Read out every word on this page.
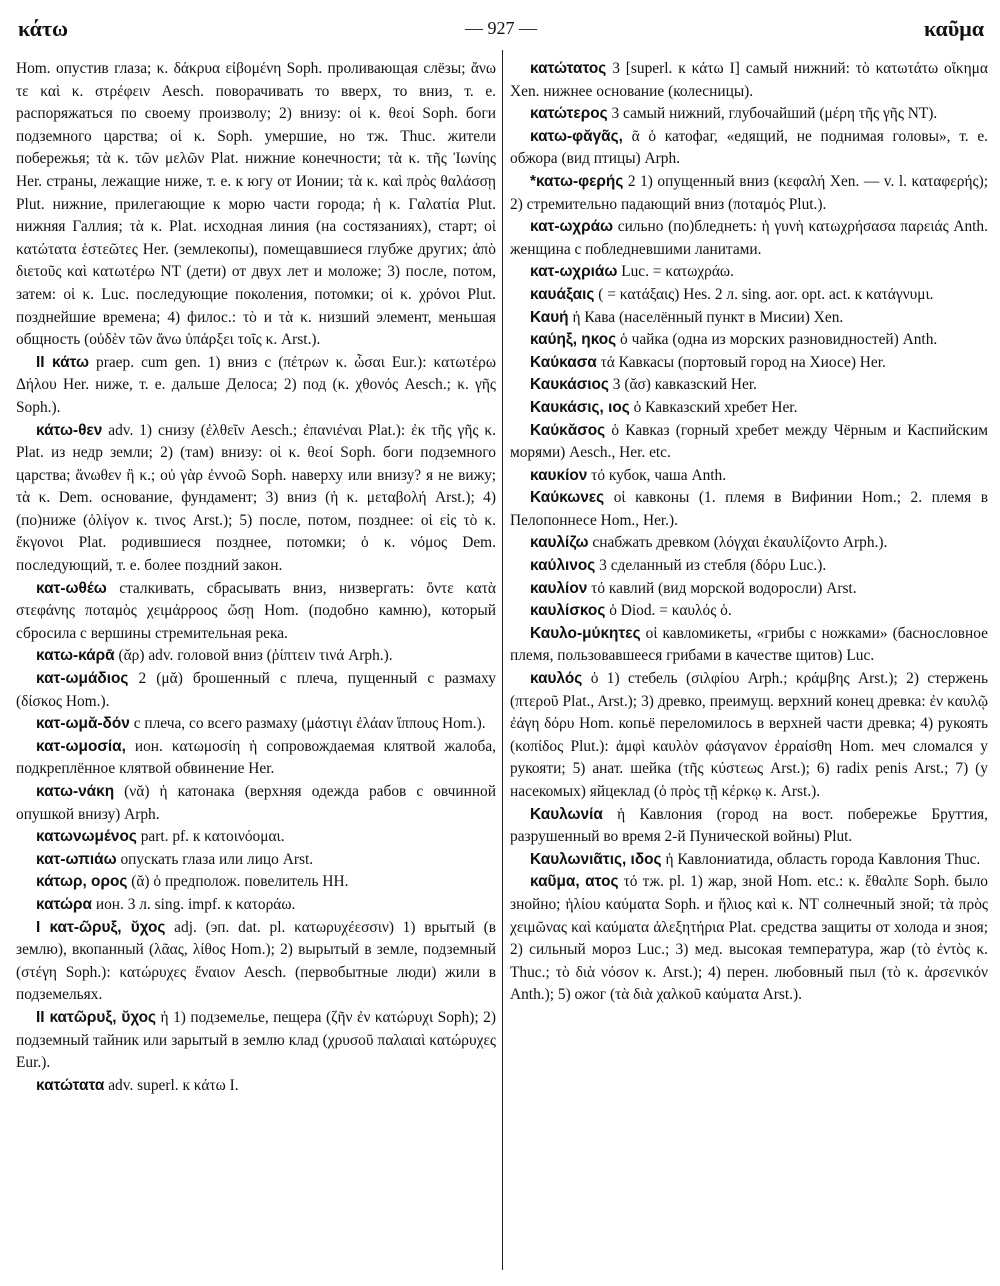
κάτω	— 927 —	καῦμα

Hom. опустив глаза; κ. δάκρυα εἰβομένη Soph. проливающая слёзы; ἄνω τε καὶ κ. στρέφειν Aesch. поворачивать то вверх, то вниз, т. е. распоряжаться по своему произволу; 2) внизу: οἱ κ. θεοί Soph. боги подземного царства; οἱ κ. Soph. умершие, но тж. Thuc. жители побережья; τὰ κ. τῶν μελῶν Plat. нижние конечности; τὰ κ. τῆς Ἰωνίης Her. страны, лежащие ниже, т. е. к югу от Ионии; τὰ κ. καὶ πρὸς θαλάσσῃ Plut. нижние, прилегающие к морю части города; ἡ κ. Γαλατία Plut. нижняя Галлия; τὰ κ. Plat. исходная линия (на состязаниях), старт; οἱ κατώτατα ἑστεῶτες Her. (землекопы), помещавшиеся глубже других; ἀπὸ διετοῦς καὶ κατωτέρω NT (дети) от двух лет и моложе; 3) после, потом, затем: οἱ κ. Luc. последующие поколения, потомки; οἱ κ. χρόνοι Plut. позднейшие времена; 4) филос.: τὸ и τὰ κ. низший элемент, меньшая общность (οὐδὲν τῶν ἄνω ὑπάρξει τοῖς κ. Arst.).

II κάτω praep. cum gen. 1) вниз с (πέτρων κ. ὦσαι Eur.): κατωτέρω Δήλου Her. ниже, т. е. дальше Делоса; 2) под (κ. χθονός Aesch.; κ. γῆς Soph.).

κάτω-θεν adv. 1) снизу (ἐλθεῖν Aesch.; ἐπανιέναι Plat.): ἐκ τῆς γῆς κ. Plat. из недр земли; 2) (там) внизу: οἱ κ. θεοί Soph. боги подземного царства; ἄνωθεν ἢ κ.; οὐ γὰρ ἐννοῶ Soph. наверху или внизу? я не вижу; τὰ κ. Dem. основание, фундамент; 3) вниз (ἡ κ. μεταβολή Arst.); 4) (по)ниже (ὀλίγον κ. τινος Arst.); 5) после, потом, позднее: οἱ εἰς τὸ κ. ἔκγονοι Plat. родившиеся позднее, потомки; ὁ κ. νόμος Dem. последующий, т. е. более поздний закон.

κατ-ωθέω сталкивать, сбрасывать вниз, низвергать: ὄντε κατὰ στεφάνης ποταμὸς χειμάρροος ὤσῃ Hom. (подобно камню), который сбросила с вершины стремительная река.

κατω-κάρᾱ (ᾰρ) adv. головой вниз (ῥίπτειν τινά Arph.).

κατ-ωμάδιος 2 (μᾰ) брошенный с плеча, пущенный с размаху (δίσκος Hom.).

κατ-ωμᾰ-δόν с плеча, со всего размаху (μάστιγι ἐλάαν ἵππους Hom.).

κατ-ωμοσία, ион. κατωμοσίη ἡ сопровождаемая клятвой жалоба, подкреплённое клятвой обвинение Her.

κατω-νάκη (νᾰ) ἡ катонака (верхняя одежда рабов с овчинной опушкой внизу) Arph.

κατωνωμένος part. pf. к κατοινόομαι.

κατ-ωπιάω опускать глаза или лицо Arst.

κάτωρ, ορος (ᾰ) ὁ предполож. повелитель HH.

κατώρα ион. 3 л. sing. impf. к κατοράω.

I κατ-ῶρυξ, ῠχος adj. (эп. dat. pl. κατωρυχέεσσιν) 1) врытый (в землю), вкопанный (λᾶας, λίθος Hom.); 2) вырытый в земле, подземный (στέγη Soph.): κατώρυχες ἔναιον Aesch. (первобытные люди) жили в подземельях.

II κατῶρυξ, ῠχος ἡ 1) подземелье, пещера (ζῆν ἐν κατώρυχι Soph); 2) подземный тайник или зарытый в землю клад (χρυσοῦ παλαιαὶ κατώρυχες Eur.).

κατώτατα adv. superl. к κάτω I.

κατώτατος 3 [superl. к κάτω I] самый нижний: τὸ κατωτάτω οἴκημα Xen. нижнее основание (колесницы).

κατώτερος 3 самый нижний, глубочайший (μέρη τῆς γῆς NT).

κατω-φᾰγᾶς, ᾶ ὁ катофаг, «едящий, не поднимая головы», т. е. обжора (вид птицы) Arph.

*κατω-φερής 2 1) опущенный вниз (κεφαλή Xen. — v. l. καταφερής); 2) стремительно падающий вниз (ποταμός Plut.).

κατ-ωχράω сильно (по)бледнеть: ἡ γυνὴ κατωχρήσασα παρειάς Anth. женщина с побледневшими ланитами.

κατ-ωχριάω Luc. = κατωχράω.

καυάξαις ( = κατάξαις) Hes. 2 л. sing. aor. opt. act. к κατάγνυμι.

Καυή ἡ Кава (населённый пункт в Мисии) Xen.

καύηξ, ηκος ὁ чайка (одна из морских разновидностей) Anth.

Καύκασα τά Кавкасы (портовый город на Хиосе) Her.

Καυκάσιος 3 (ᾰσ) кавказский Her.

Καυκάσις, ιος ὁ Кавказский хребет Her.

Καύκᾰσος ὁ Кавказ (горный хребет между Чёрным и Каспийским морями) Aesch., Her. etc.

καυκίον τό кубок, чаша Anth.

Καύκωνες οἱ кавконы (1. племя в Вифинии Hom.; 2. племя в Пелопоннесе Hom., Her.).

καυλίζω снабжать древком (λόγχαι ἐκαυλίζοντο Arph.).

καύλινος 3 сделанный из стебля (δόρυ Luc.).

καυλίον τό кавлий (вид морской водоросли) Arst.

καυλίσκος ὁ Diod. = καυλός ὁ.

Καυλο-μύκητες οἱ кавломикеты, «грибы с ножками» (баснословное племя, пользовавшееся грибами в качестве щитов) Luc.

καυλός ὁ 1) стебель (σιλφίου Arph.; κράμβης Arst.); 2) стержень (πτεροῦ Plat., Arst.); 3) древко, преимущ. верхний конец древка: ἐν καυλῷ ἐάγη δόρυ Hom. копьё переломилось в верхней части древка; 4) рукоять (κοπίδος Plut.): ἀμφὶ καυλὸν φάσγανον ἐρραίσθη Hom. меч сломался у рукояти; 5) анат. шейка (τῆς κύστεως Arst.); 6) radix penis Arst.; 7) (у насекомых) яйцеклад (ὁ πρὸς τῇ κέρκῳ κ. Arst.).

Καυλωνία ἡ Кавлония (город на вост. побережье Бруттия, разрушенный во время 2-й Пунической войны) Plut.

Καυλωνιᾶτις, ιδος ἡ Кавлониатида, область города Кавлония Thuc.

καῦμα, ατος τό тж. pl. 1) жар, зной Hom. etc.: κ. ἔθαλπε Soph. было знойно; ἡλίου καύματα Soph. и ἥλιος καὶ κ. NT солнечный зной; τὰ πρὸς χειμῶνας καὶ καύματα ἀλεξητήρια Plat. средства защиты от холода и зноя; 2) сильный мороз Luc.; 3) мед. высокая температура, жар (τὸ ἐντὸς κ. Thuc.; τὸ διὰ νόσον κ. Arst.); 4) перен. любовный пыл (τὸ κ. ἀρσενικόν Anth.); 5) ожог (τὰ διὰ χαλκοῦ καύματα Arst.).
